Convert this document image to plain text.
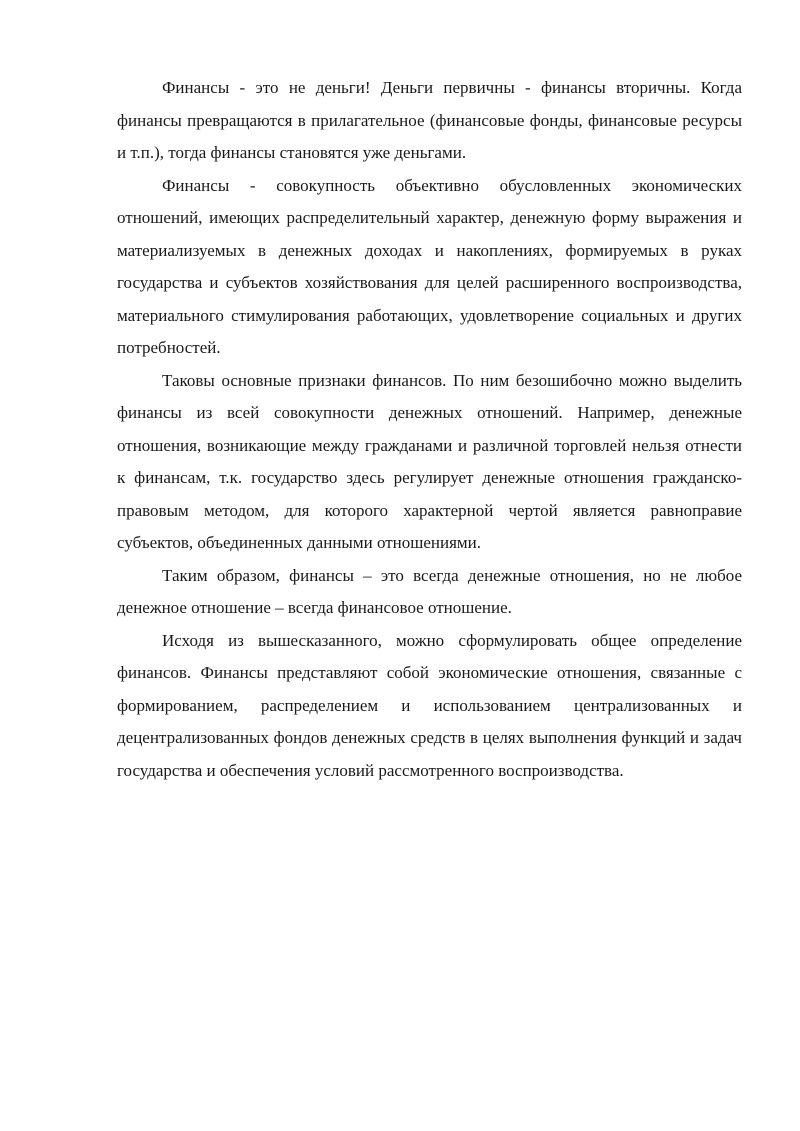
Финансы - это не деньги! Деньги первичны - финансы вторичны. Когда финансы превращаются в прилагательное (финансовые фонды, финансовые ресурсы и т.п.), тогда финансы становятся уже деньгами.

Финансы - совокупность объективно обусловленных экономических отношений, имеющих распределительный характер, денежную форму выражения и материализуемых в денежных доходах и накоплениях, формируемых в руках государства и субъектов хозяйствования для целей расширенного воспроизводства, материального стимулирования работающих, удовлетворение социальных и других потребностей.

Таковы основные признаки финансов. По ним безошибочно можно выделить финансы из всей совокупности денежных отношений. Например, денежные отношения, возникающие между гражданами и различной торговлей нельзя отнести к финансам, т.к. государство здесь регулирует денежные отношения гражданско-правовым методом, для которого характерной чертой является равноправие субъектов, объединенных данными отношениями.

Таким образом, финансы – это всегда денежные отношения, но не любое денежное отношение – всегда финансовое отношение.

Исходя из вышесказанного, можно сформулировать общее определение финансов. Финансы представляют собой экономические отношения, связанные с формированием, распределением и использованием централизованных и децентрализованных фондов денежных средств в целях выполнения функций и задач государства и обеспечения условий рассмотренного воспроизводства.
